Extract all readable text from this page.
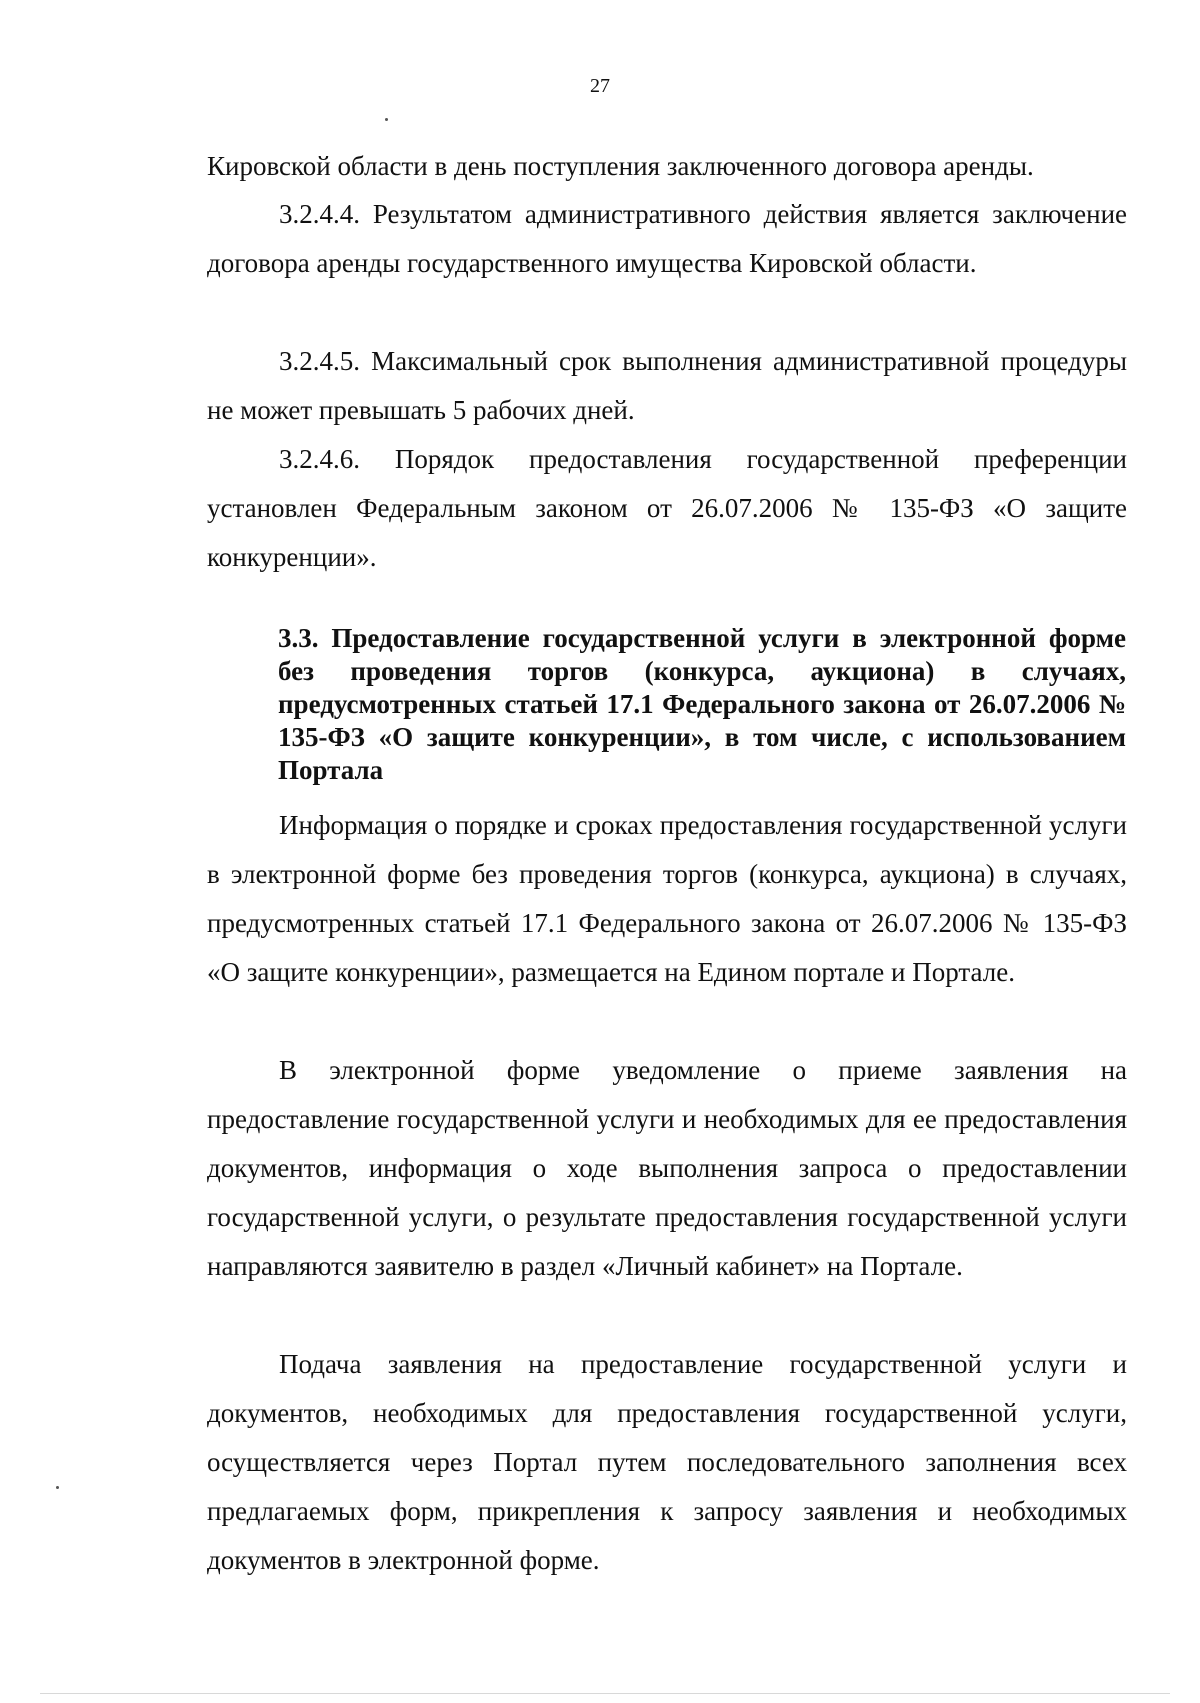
27

Кировской области в день поступления заключенного договора аренды.

3.2.4.4. Результатом административного действия является заключение договора аренды государственного имущества Кировской области.

3.2.4.5. Максимальный срок выполнения административной процедуры не может превышать 5 рабочих дней.

3.2.4.6. Порядок предоставления государственной преференции установлен Федеральным законом от 26.07.2006 № 135-ФЗ «О защите конкуренции».

3.3. Предоставление государственной услуги в электронной форме без проведения торгов (конкурса, аукциона) в случаях, предусмотренных статьей 17.1 Федерального закона от 26.07.2006 № 135-ФЗ «О защите конкуренции», в том числе, с использованием Портала

Информация о порядке и сроках предоставления государственной услуги в электронной форме без проведения торгов (конкурса, аукциона) в случаях, предусмотренных статьей 17.1 Федерального закона от 26.07.2006 № 135-ФЗ «О защите конкуренции», размещается на Едином портале и Портале.

В электронной форме уведомление о приеме заявления на предоставление государственной услуги и необходимых для ее предоставления документов, информация о ходе выполнения запроса о предоставлении государственной услуги, о результате предоставления государственной услуги направляются заявителю в раздел «Личный кабинет» на Портале.

Подача заявления на предоставление государственной услуги и документов, необходимых для предоставления государственной услуги, осуществляется через Портал путем последовательного заполнения всех предлагаемых форм, прикрепления к запросу заявления и необходимых документов в электронной форме.
